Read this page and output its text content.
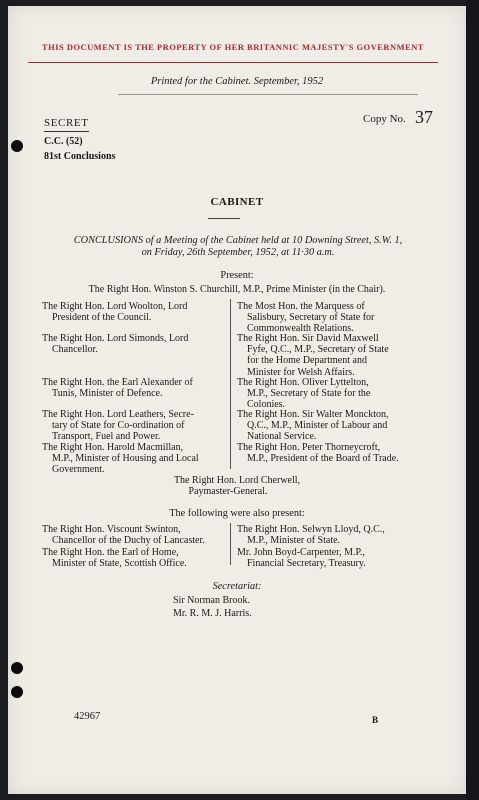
THIS DOCUMENT IS THE PROPERTY OF HER BRITANNIC MAJESTY'S GOVERNMENT
Printed for the Cabinet. September, 1952
SECRET	Copy No. 37
C.C. (52)
81st Conclusions
CABINET
CONCLUSIONS of a Meeting of the Cabinet held at 10 Downing Street, S.W. 1,
on Friday, 26th September, 1952, at 11·30 a.m.
Present:
The Right Hon. Winston S. Churchill, M.P., Prime Minister (in the Chair).
The Right Hon. Lord Woolton, Lord
President of the Council.
The Right Hon. Lord Simonds, Lord
Chancellor.
The Right Hon. the Earl Alexander of
Tunis, Minister of Defence.
The Right Hon. Lord Leathers, Secre-
tary of State for Co-ordination of
Transport, Fuel and Power.
The Right Hon. Harold Macmillan,
M.P., Minister of Housing and Local
Government.
The Most Hon. the Marquess of
Salisbury, Secretary of State for
Commonwealth Relations.
The Right Hon. Sir David Maxwell
Fyfe, Q.C., M.P., Secretary of State
for the Home Department and
Minister for Welsh Affairs.
The Right Hon. Oliver Lyttelton,
M.P., Secretary of State for the
Colonies.
The Right Hon. Sir Walter Monckton,
Q.C., M.P., Minister of Labour and
National Service.
The Right Hon. Peter Thorneycroft,
M.P., President of the Board of Trade.
The Right Hon. Lord Cherwell,
Paymaster-General.
The following were also present:
The Right Hon. Viscount Swinton,
Chancellor of the Duchy of Lancaster.
The Right Hon. the Earl of Home,
Minister of State, Scottish Office.
The Right Hon. Selwyn Lloyd, Q.C.,
M.P., Minister of State.
Mr. John Boyd-Carpenter, M.P.,
Financial Secretary, Treasury.
Secretariat:
Sir Norman Brook.
Mr. R. M. J. Harris.
42967	B
